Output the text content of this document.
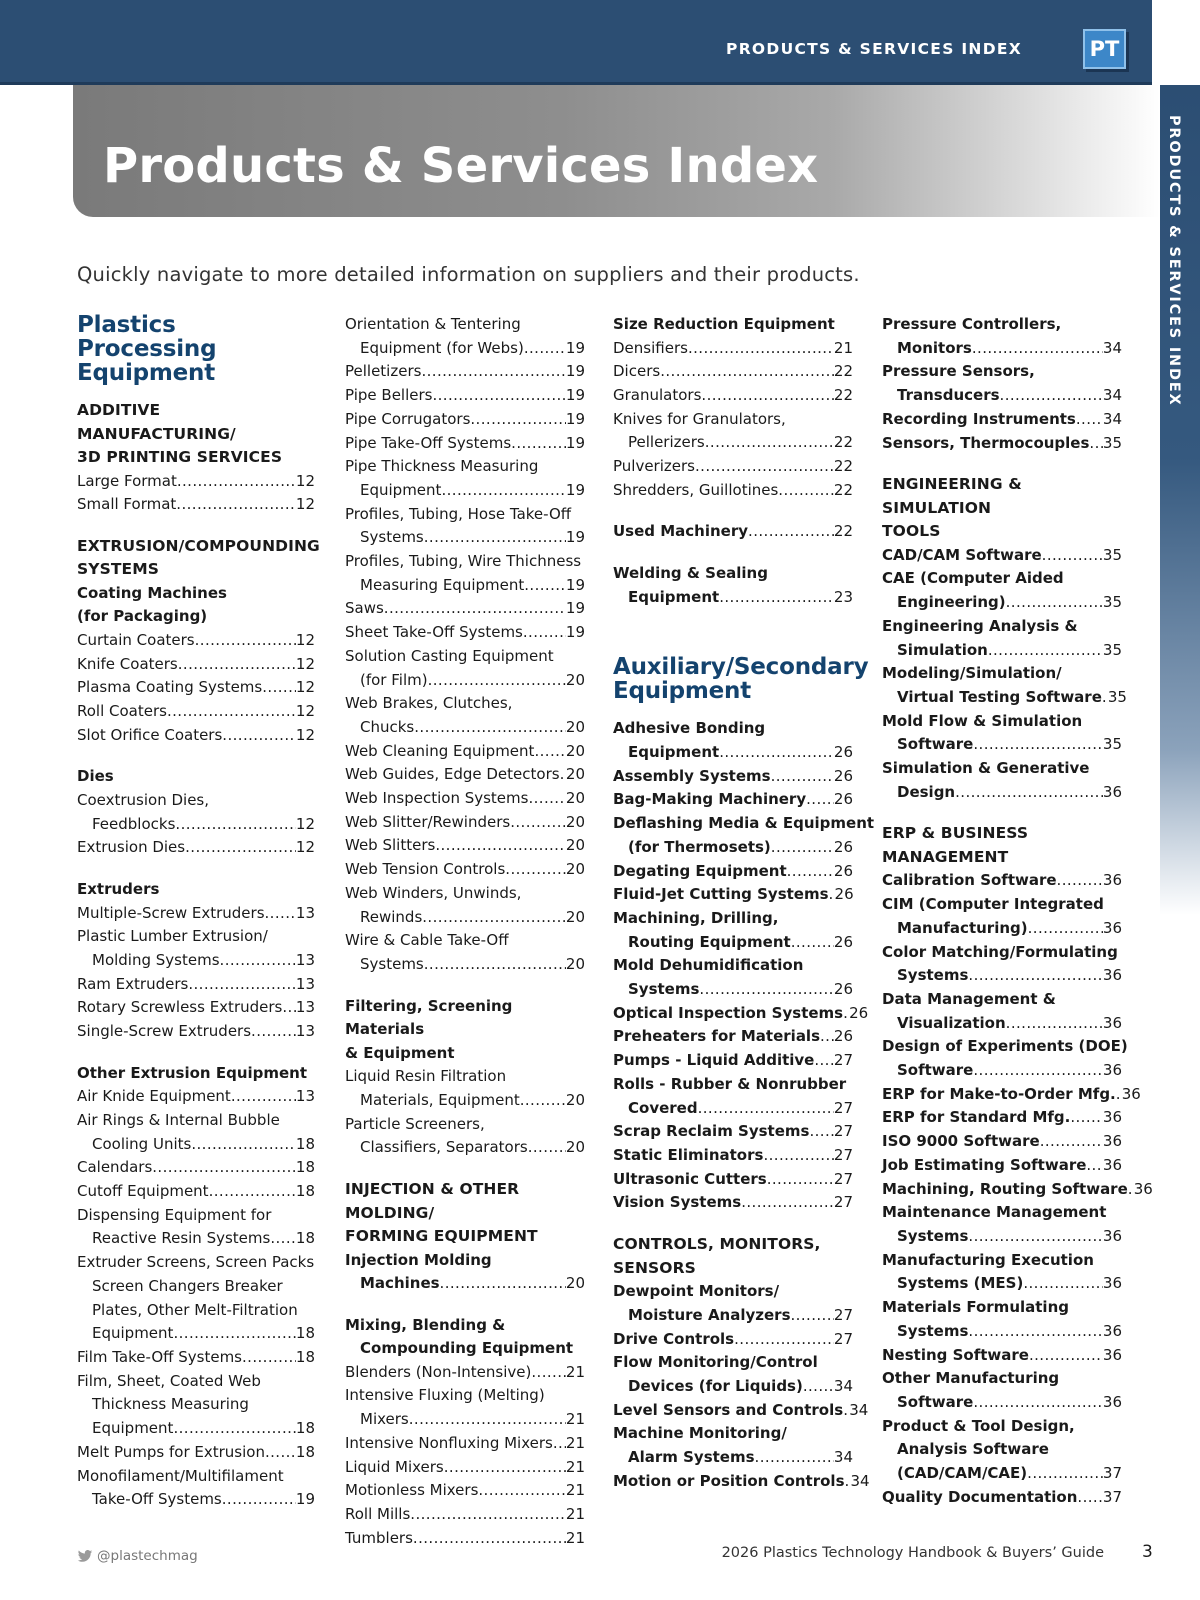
PRODUCTS & SERVICES INDEX	PT
PRODUCTS & SERVICES INDEX
Products & Services Index
Quickly navigate to more detailed information on suppliers and their products.
Plastics Processing Equipment
ADDITIVE MANUFACTURING/
3D PRINTING SERVICES
Large Format .....	12
Small Format .....	12
EXTRUSION/COMPOUNDING
SYSTEMS
Coating Machines
(for Packaging)
Curtain Coaters .....	12
Knife Coaters .....	12
Plasma Coating Systems ..... 12
Roll Coaters .....	12
Slot Orifice Coaters .....	12
Dies
Coextrusion Dies,
Feedblocks .....	12
Extrusion Dies .....	12
Extruders
Multiple-Screw Extruders ..... 13
Plastic Lumber Extrusion/
Molding Systems .....	13
Ram Extruders .....	13
Rotary Screwless Extruders ..... 13
Single-Screw Extruders .....	13
Other Extrusion Equipment
Air Knide Equipment .....	13
Air Rings & Internal Bubble
Cooling Units .....	18
Calendars .....	18
Cutoff Equipment .....	18
Dispensing Equipment for
Reactive Resin Systems ..... 18
Extruder Screens, Screen Packs
Screen Changers Breaker
Plates, Other Melt-Filtration
Equipment .....	18
Film Take-Off Systems .....	18
Film, Sheet, Coated Web
Thickness Measuring
Equipment .....	18
Melt Pumps for Extrusion ..... 18
Monofilament/Multifilament
Take-Off Systems .....	19
Orientation & Tentering
Equipment (for Webs) .....	19
Pelletizers .....	19
Pipe Bellers .....	19
Pipe Corrugators .....	19
Pipe Take-Off Systems .....	19
Pipe Thickness Measuring
Equipment .....	19
Profiles, Tubing, Hose Take-Off
Systems .....	19
Profiles, Tubing, Wire Thichness
Measuring Equipment .....	19
Saws .....	19
Sheet Take-Off Systems .....	19
Solution Casting Equipment
(for Film) .....	20
Web Brakes, Clutches,
Chucks .....	20
Web Cleaning Equipment ..... 20
Web Guides, Edge Detectors ..... 20
Web Inspection Systems ..... 20
Web Slitter/Rewinders .....	20
Web Slitters .....	20
Web Tension Controls .....	20
Web Winders, Unwinds,
Rewinds .....	20
Wire & Cable Take-Off
Systems .....	20
Filtering, Screening Materials
& Equipment
Liquid Resin Filtration
Materials, Equipment .....	20
Particle Screeners,
Classifiers, Separators .....	20
INJECTION & OTHER MOLDING/
FORMING EQUIPMENT
Injection Molding
Machines .....	20
Mixing, Blending &
Compounding Equipment
Blenders (Non-Intensive) ..... 21
Intensive Fluxing (Melting)
Mixers .....	21
Intensive Nonfluxing Mixers ..... 21
Liquid Mixers .....	21
Motionless Mixers .....	21
Roll Mills .....	21
Tumblers .....	21
Size Reduction Equipment
Densifiers .....	21
Dicers .....	22
Granulators .....	22
Knives for Granulators,
Pellerizers .....	22
Pulverizers .....	22
Shredders, Guillotines .....	22
Used Machinery .....	22
Welding & Sealing
Equipment .....	23
Auxiliary/Secondary
Equipment
Adhesive Bonding
Equipment .....	26
Assembly Systems .....	26
Bag-Making Machinery ..... 26
Deflashing Media & Equipment
(for Thermosets) .....	26
Degating Equipment .....	26
Fluid-Jet Cutting Systems ..... 26
Machining, Drilling,
Routing Equipment .....	26
Mold Dehumidification
Systems .....	26
Optical Inspection Systems ..... 26
Preheaters for Materials ..... 26
Pumps - Liquid Additive ..... 27
Rolls - Rubber & Nonrubber
Covered .....	27
Scrap Reclaim Systems ..... 27
Static Eliminators .....	27
Ultrasonic Cutters .....	27
Vision Systems .....	27
CONTROLS, MONITORS,
SENSORS
Dewpoint Monitors/
Moisture Analyzers .....	27
Drive Controls .....	27
Flow Monitoring/Control
Devices (for Liquids) ..... 34
Level Sensors and Controls ..... 34
Machine Monitoring/
Alarm Systems .....	34
Motion or Position Controls ..... 34
Pressure Controllers,
Monitors .....	34
Pressure Sensors,
Transducers .....	34
Recording Instruments ..... 34
Sensors, Thermocouples ..... 35
ENGINEERING & SIMULATION
TOOLS
CAD/CAM Software .....	35
CAE (Computer Aided
Engineering) .....	35
Engineering Analysis &
Simulation .....	35
Modeling/Simulation/
Virtual Testing Software ..... 35
Mold Flow & Simulation
Software .....	35
Simulation & Generative
Design .....	36
ERP & BUSINESS
MANAGEMENT
Calibration Software .....	36
CIM (Computer Integrated
Manufacturing) .....	36
Color Matching/Formulating
Systems .....	36
Data Management &
Visualization .....	36
Design of Experiments (DOE)
Software .....	36
ERP for Make-to-Order Mfg. ..... 36
ERP for Standard Mfg. ..... 36
ISO 9000 Software .....	36
Job Estimating Software ..... 36
Machining, Routing Software ..... 36
Maintenance Management
Systems .....	36
Manufacturing Execution
Systems (MES) .....	36
Materials Formulating
Systems .....	36
Nesting Software .....	36
Other Manufacturing
Software .....	36
Product & Tool Design,
Analysis Software
(CAD/CAM/CAE) .....	37
Quality Documentation ..... 37
@plastechmag	2026 Plastics Technology Handbook & Buyers’ Guide 3
